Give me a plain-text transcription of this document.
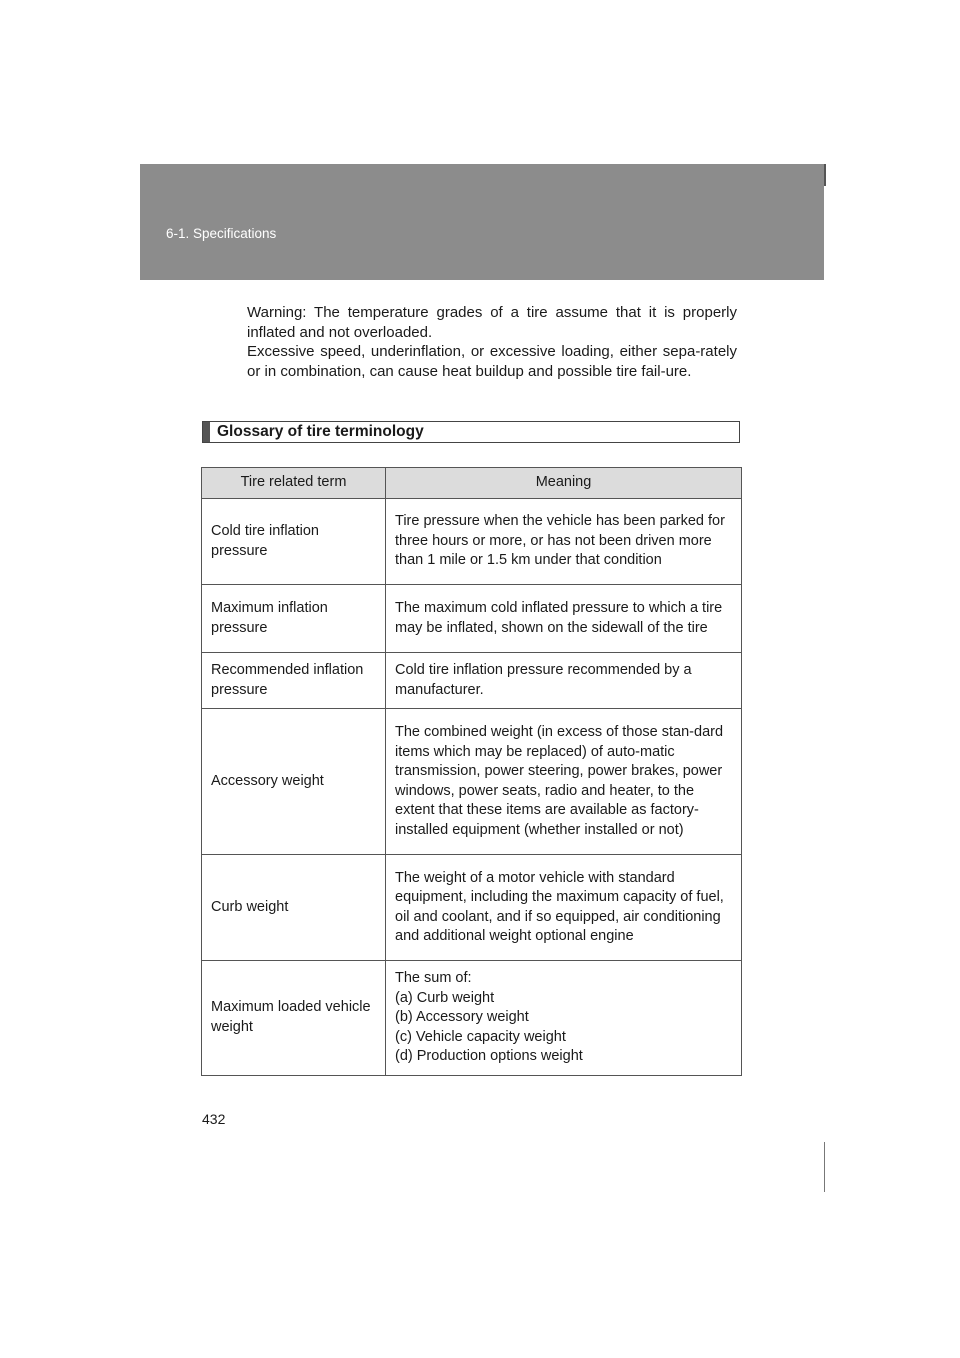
6-1. Specifications

Warning: The temperature grades of a tire assume that it is properly inflated and not overloaded.

Excessive speed, underinflation, or excessive loading, either sepa-rately or in combination, can cause heat buildup and possible tire fail-ure.

Glossary of tire terminology
Tire related term	Meaning
Cold tire inflation pressure	Tire pressure when the vehicle has been parked for three hours or more, or has not been driven more than 1 mile or 1.5 km under that condition

Maximum inflation pressure	The maximum cold inflated pressure to which a tire may be inflated, shown on the sidewall of the tire

Recommended inflation pressure	Cold tire inflation pressure recommended by a manufacturer.

Accessory weight	The combined weight (in excess of those stan-dard items which may be replaced) of auto-matic transmission, power steering, power brakes, power windows, power seats, radio and heater, to the extent that these items are available as factory-installed equipment (whether installed or not)

Curb weight	The weight of a motor vehicle with standard equipment, including the maximum capacity of fuel, oil and coolant, and if so equipped, air conditioning and additional weight optional engine

Maximum loaded vehicle weight	The sum of:
(a) Curb weight
(b) Accessory weight
(c) Vehicle capacity weight
(d) Production options weight
432
